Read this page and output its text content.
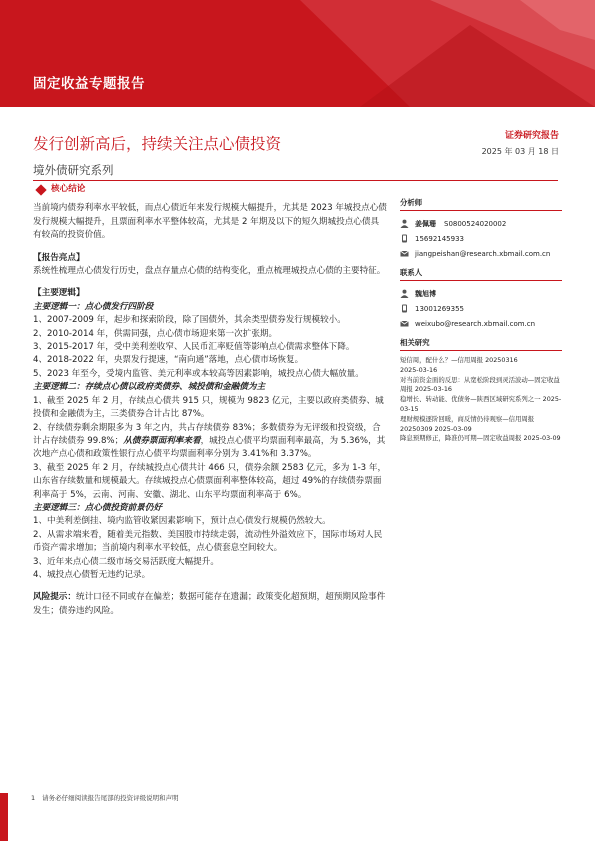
固定收益专题报告
发行创新高后，持续关注点心债投资
境外债研究系列
证券研究报告
2025 年 03 月 18 日
核心结论

当前境内债券利率水平较低，而点心债近年来发行规模大幅提升，尤其是 2023 年城投点心债发行规模大幅提升，且票面利率水平整体较高，尤其是 2 年期及以下的短久期城投点心债具有较高的投资价值。

【报告亮点】

系统性梳理点心债发行历史，盘点存量点心债的结构变化，重点梳理城投点心债的主要特征。

【主要逻辑】

主要逻辑一：点心债发行四阶段

1、2007-2009 年，起步和探索阶段，除了国债外，其余类型债券发行规模较小。

2、2010-2014 年，供需同强，点心债市场迎来第一次扩张期。

3、2015-2017 年，受中美利差收窄、人民币汇率贬值等影响点心债需求整体下降。

4、2018-2022 年，央票发行提速，“南向通”落地，点心债市场恢复。

5、2023 年至今，受境内监管、美元利率或本较高等因素影响，城投点心债大幅放量。

主要逻辑二：存续点心债以政府类债券、城投债和金融债为主

1、截至 2025 年 2 月，存续点心债共 915 只，规模为 9823 亿元，主要以政府类债券、城投债和金融债为主，三类债券合计占比 87%。

2、存续债券剩余期限多为 3 年之内，共占存续债券 83%；多数债券为无评级和投资级，合计占存续债券 99.8%；从债券票面利率来看，城投点心债平均票面利率最高，为 5.36%，其次地产点心债和政策性银行点心债平均票面利率分别为 3.41%和 3.37%。

3、截至 2025 年 2 月，存续城投点心债共计 466 只，债券余额 2583 亿元，多为 1-3 年，山东省存续数量和规模最大。存续城投点心债票面利率整体较高，超过 49%的存续债券票面利率高于 5%，云南、河南、安徽、湖北、山东平均票面利率高于 6%。

主要逻辑三：点心债投资前景仍好

1、中美利差倒挂、境内监管收紧因素影响下，预计点心债发行规模仍然较大。

2、从需求端来看，随着美元指数、美国股市持续走弱，流动性外溢效应下，国际市场对人民币资产需求增加；当前境内利率水平较低，点心债套息空间较大。

3、近年来点心债二级市场交易活跃度大幅提升。

4、城投点心债暂无违约记录。

风险提示：统计口径不同或存在偏差；数据可能存在遗漏；政策变化超预期，超预期风险事件发生；债券违约风险。

分析师
姜佩珊 S0800524020002
15692145933
jiangpeishan@research.xbmail.com.cn
联系人
魏旭博
13001269355
weixubo@research.xbmail.com.cn
相关研究
短信周，配什么？—信用周报 20250316
2025-03-16
对当前资金面的反思：从宽松阶段到灵活波动—固定收益周报 2025-03-16
稳增长、转动能、优债务—陕西区域研究系列之一 2025-03-15
理财规模逐阶回暖，商反情仍待观察—信用周报 20250309 2025-03-09
降息预期修正，降准仍可期—固定收益周报 2025-03-09
1 请务必仔细阅读报告尾部的投资评级说明和声明
